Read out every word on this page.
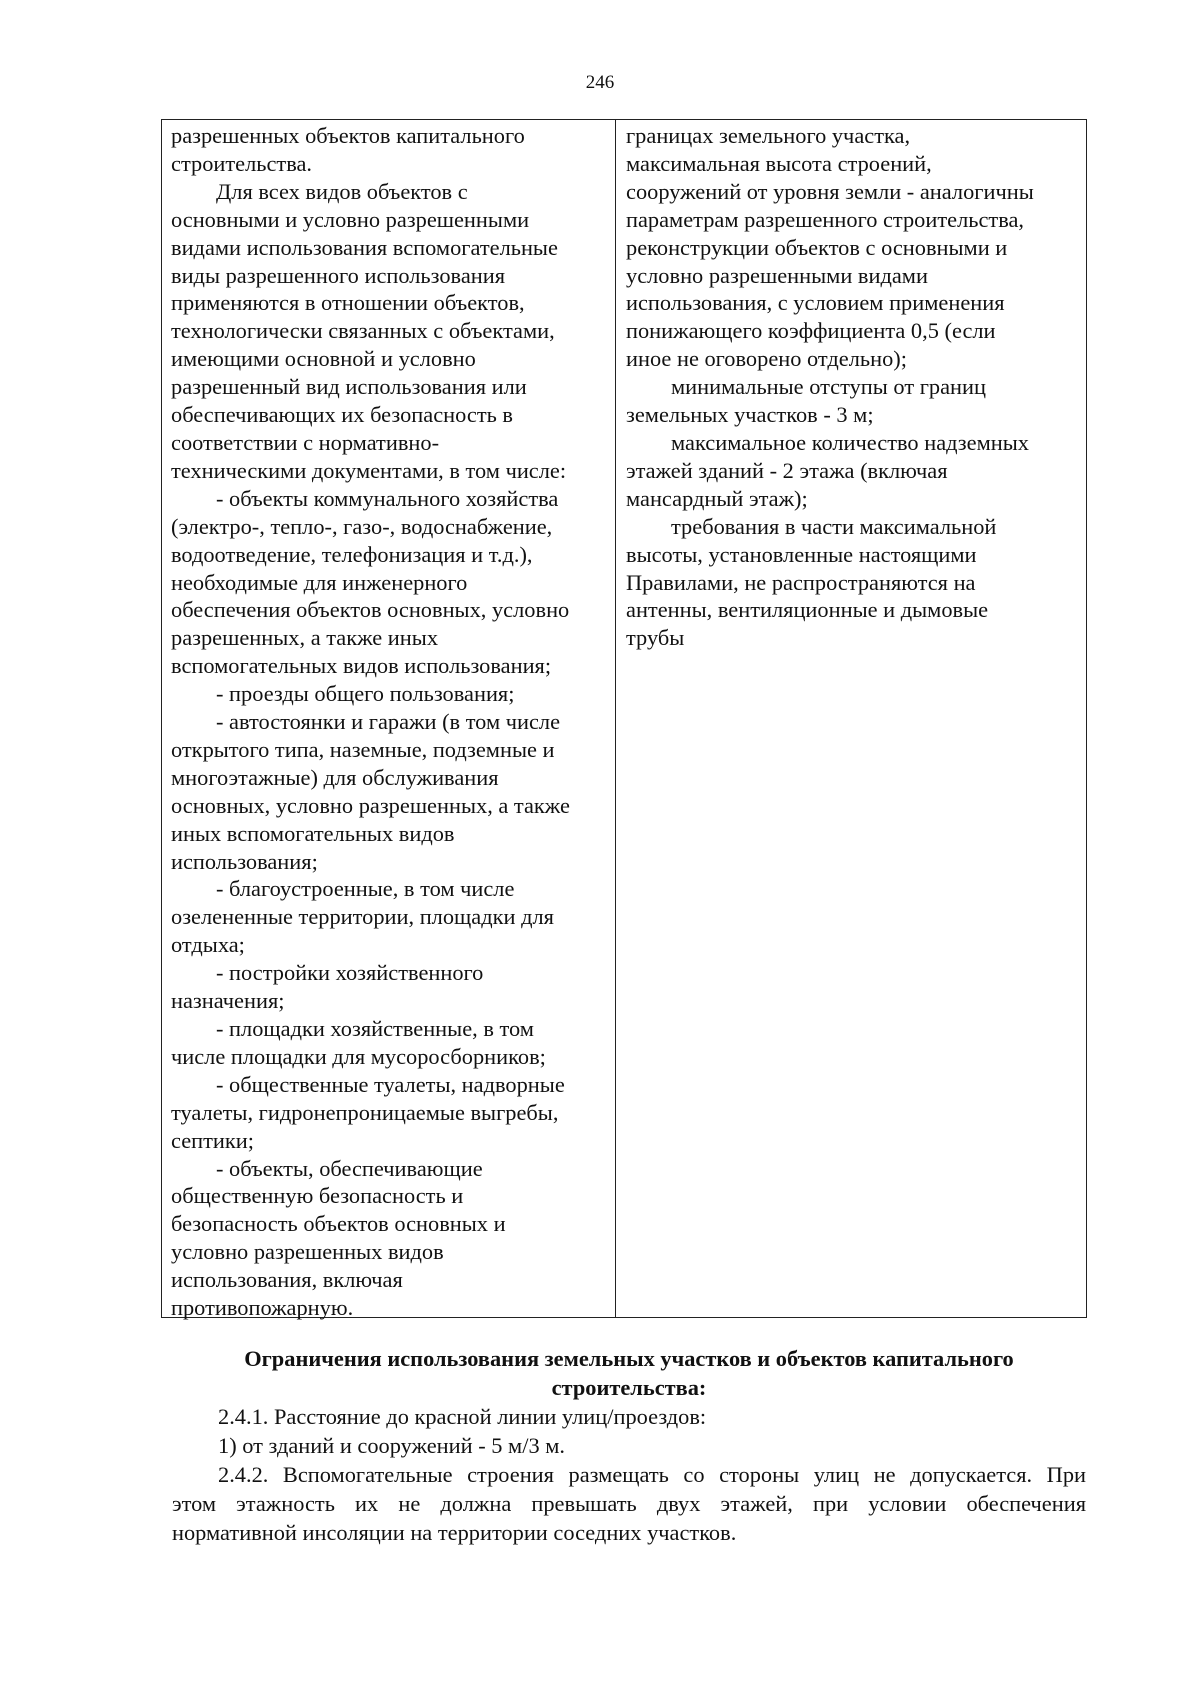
246
разрешенных объектов капитального
строительства.
Для всех видов объектов с
основными и условно разрешенными
видами использования вспомогательные
виды разрешенного использования
применяются в отношении объектов,
технологически связанных с объектами,
имеющими основной и условно
разрешенный вид использования или
обеспечивающих их безопасность в
соответствии с нормативно-
техническими документами, в том числе:
- объекты коммунального хозяйства
(электро-, тепло-, газо-, водоснабжение,
водоотведение, телефонизация и т.д.),
необходимые для инженерного
обеспечения объектов основных, условно
разрешенных, а также иных
вспомогательных видов использования;
- проезды общего пользования;
- автостоянки и гаражи (в том числе
открытого типа, наземные, подземные и
многоэтажные) для обслуживания
основных, условно разрешенных, а также
иных вспомогательных видов
использования;
- благоустроенные, в том числе
озелененные территории, площадки для
отдыха;
- постройки хозяйственного
назначения;
- площадки хозяйственные, в том
числе площадки для мусоросборников;
- общественные туалеты, надворные
туалеты, гидронепроницаемые выгребы,
септики;
- объекты, обеспечивающие
общественную безопасность и
безопасность объектов основных и
условно разрешенных видов
использования, включая
противопожарную.
границах земельного участка,
максимальная высота строений,
сооружений от уровня земли - аналогичны
параметрам разрешенного строительства,
реконструкции объектов с основными и
условно разрешенными видами
использования, с условием применения
понижающего коэффициента 0,5 (если
иное не оговорено отдельно);
минимальные отступы от границ
земельных участков - 3 м;
максимальное количество надземных
этажей зданий - 2 этажа (включая
мансардный этаж);
требования в части максимальной
высоты, установленные настоящими
Правилами, не распространяются на
антенны, вентиляционные и дымовые
трубы
Ограничения использования земельных участков и объектов капитального
строительства:
2.4.1. Расстояние до красной линии улиц/проездов:
1) от зданий и сооружений - 5 м/3 м.
2.4.2. Вспомогательные строения размещать со стороны улиц не допускается. При
этом этажность их не должна превышать двух этажей, при условии обеспечения
нормативной инсоляции на территории соседних участков.
